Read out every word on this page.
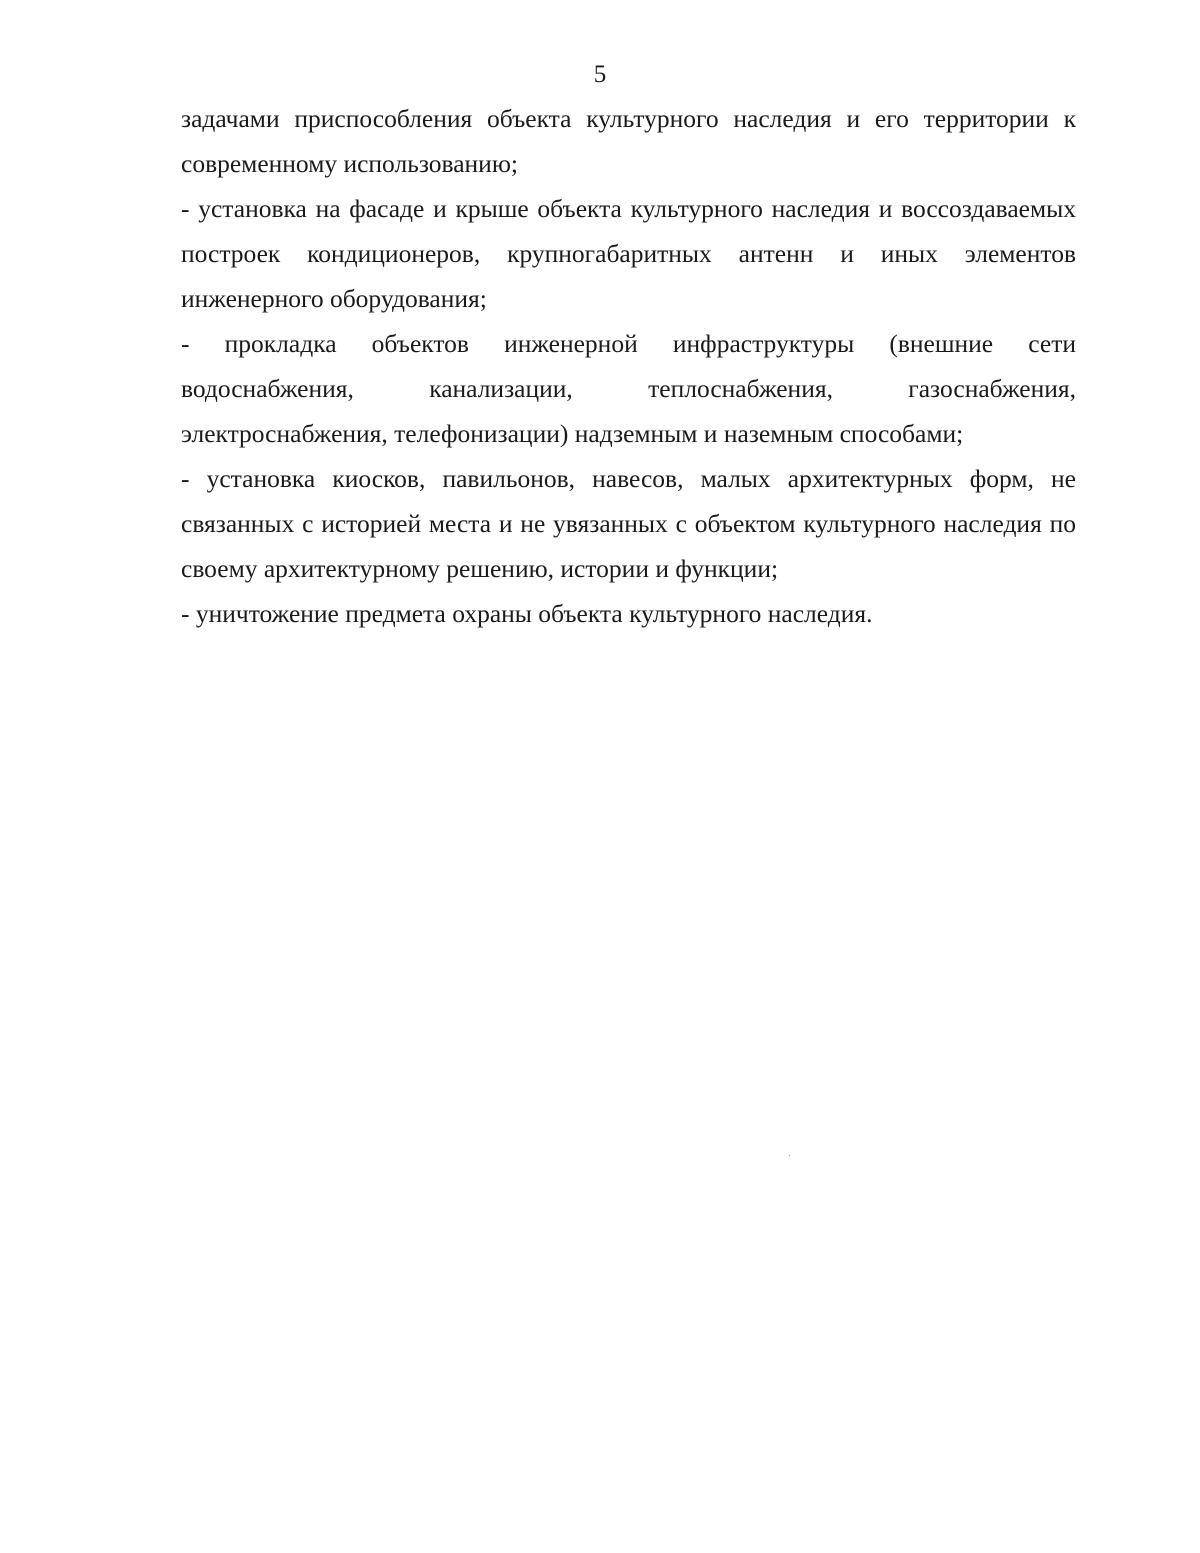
5

задачами приспособления объекта культурного наследия и его территории к современному использованию;

- установка на фасаде и крыше объекта культурного наследия и воссоздаваемых построек кондиционеров, крупногабаритных антенн и иных элементов инженерного оборудования;

- прокладка объектов инженерной инфраструктуры (внешние сети водоснабжения, канализации, теплоснабжения, газоснабжения, электроснабжения, телефонизации) надземным и наземным способами;

- установка киосков, павильонов, навесов, малых архитектурных форм, не связанных с историей места и не увязанных с объектом культурного наследия по своему архитектурному решению, истории и функции;

- уничтожение предмета охраны объекта культурного наследия.
